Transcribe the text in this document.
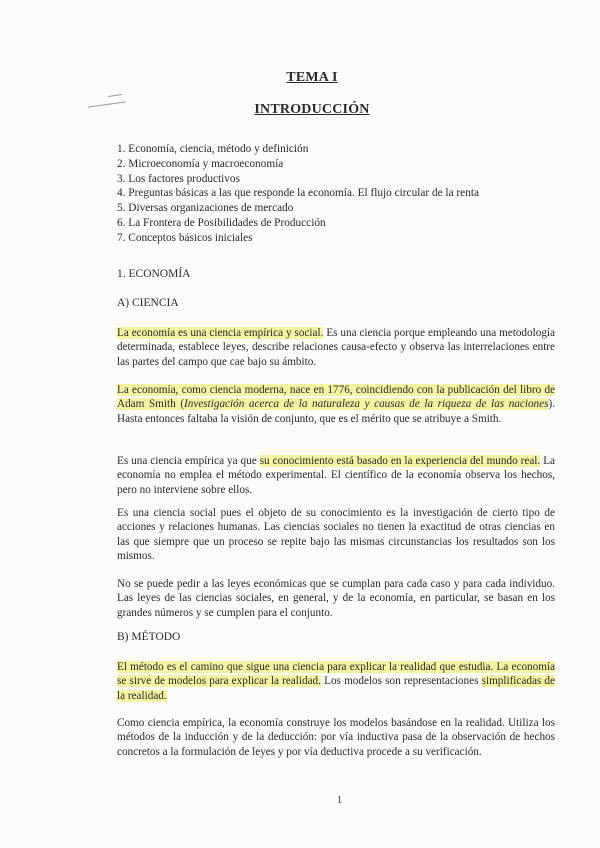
TEMA I
INTRODUCCIÓN
1. Economía, ciencia, método y definición
2. Microeconomía y macroeconomía
3. Los factores productivos
4. Preguntas básicas a las que responde la economía. El flujo circular de la renta
5. Diversas organizaciones de mercado
6. La Frontera de Posibilidades de Producción
7. Conceptos básicos iniciales
1. ECONOMÍA
A) CIENCIA
La economía es una ciencia empírica y social. Es una ciencia porque empleando una metodología determinada, establece leyes, describe relaciones causa-efecto y observa las interrelaciones entre las partes del campo que cae bajo su ámbito.
La economía, como ciencia moderna, nace en 1776, coincidiendo con la publicación del libro de Adam Smith (Investigación acerca de la naturaleza y causas de la riqueza de las naciones). Hasta entonces faltaba la visión de conjunto, que es el mérito que se atribuye a Smith.
Es una ciencia empírica ya que su conocimiento está basado en la experiencia del mundo real. La economía no emplea el método experimental. El científico de la economía observa los hechos, pero no interviene sobre ellos.
Es una ciencia social pues el objeto de su conocimiento es la investigación de cierto tipo de acciones y relaciones humanas. Las ciencias sociales no tienen la exactitud de otras ciencias en las que siempre que un proceso se repite bajo las mismas circunstancias los resultados son los mismos.
No se puede pedir a las leyes económicas que se cumplan para cada caso y para cada individuo. Las leyes de las ciencias sociales, en general, y de la economía, en particular, se basan en los grandes números y se cumplen para el conjunto.
B) MÉTODO
El método es el camino que sigue una ciencia para explicar la realidad que estudia. La economía se sirve de modelos para explicar la realidad. Los modelos son representaciones simplificadas de la realidad.
Como ciencia empírica, la economía construye los modelos basándose en la realidad. Utiliza los métodos de la inducción y de la deducción: por vía inductiva pasa de la observación de hechos concretos a la formulación de leyes y por vía deductiva procede a su verificación.
1
